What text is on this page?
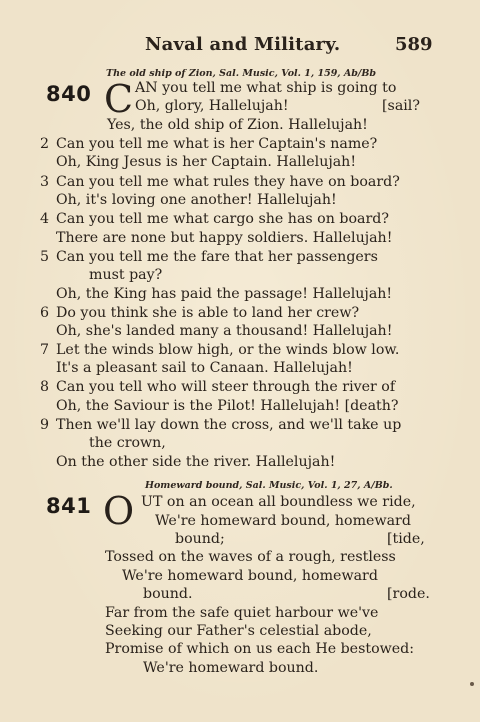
Naval and Military.	589
The old ship of Zion, Sal. Music, Vol. 1, 159, Ab/Bb
840 C AN you tell me what ship is going to
Oh, glory, Hallelujah!	[sail?
Yes, the old ship of Zion. Hallelujah!
2 Can you tell me what is her Captain's name?
Oh, King Jesus is her Captain. Hallelujah!
3 Can you tell me what rules they have on board?
Oh, it's loving one another! Hallelujah!
4 Can you tell me what cargo she has on board?
There are none but happy soldiers. Hallelujah!
5 Can you tell me the fare that her passengers
must pay?
Oh, the King has paid the passage! Hallelujah!
6 Do you think she is able to land her crew?
Oh, she's landed many a thousand! Hallelujah!
7 Let the winds blow high, or the winds blow low.
It's a pleasant sail to Canaan. Hallelujah!
8 Can you tell who will steer through the river of
Oh, the Saviour is the Pilot! Hallelujah! [death?
9 Then we'll lay down the cross, and we'll take up
the crown,
On the other side the river. Hallelujah!
Homeward bound, Sal. Music, Vol. 1, 27, A/Bb.
841 O UT on an ocean all boundless we ride,
We're homeward bound, homeward
bound;	[tide,
Tossed on the waves of a rough, restless
We're homeward bound, homeward
bound.	[rode.
Far from the safe quiet harbour we've
Seeking our Father's celestial abode,
Promise of which on us each He bestowed:
We're homeward bound.
